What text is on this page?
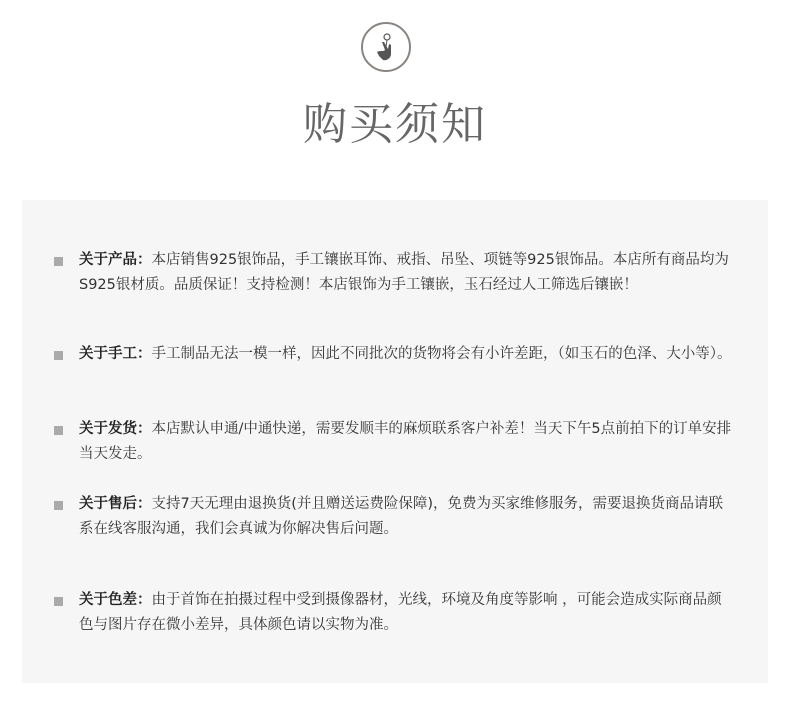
购买须知
关于产品：本店销售925银饰品，手工镶嵌耳饰、戒指、吊坠、项链等925银饰品。本店所有商品均为S925银材质。品质保证！支持检测！本店银饰为手工镶嵌，玉石经过人工筛选后镶嵌！
关于手工：手工制品无法一模一样，因此不同批次的货物将会有小许差距，（如玉石的色泽、大小等）。
关于发货：本店默认申通/中通快递，需要发顺丰的麻烦联系客户补差！当天下午5点前拍下的订单安排当天发走。
关于售后：支持7天无理由退换货(并且赠送运费险保障)，免费为买家维修服务，需要退换货商品请联系在线客服沟通，我们会真诚为你解决售后问题。
关于色差：由于首饰在拍摄过程中受到摄像器材，光线，环境及角度等影响 ，可能会造成实际商品颜色与图片存在微小差异，具体颜色请以实物为准。
